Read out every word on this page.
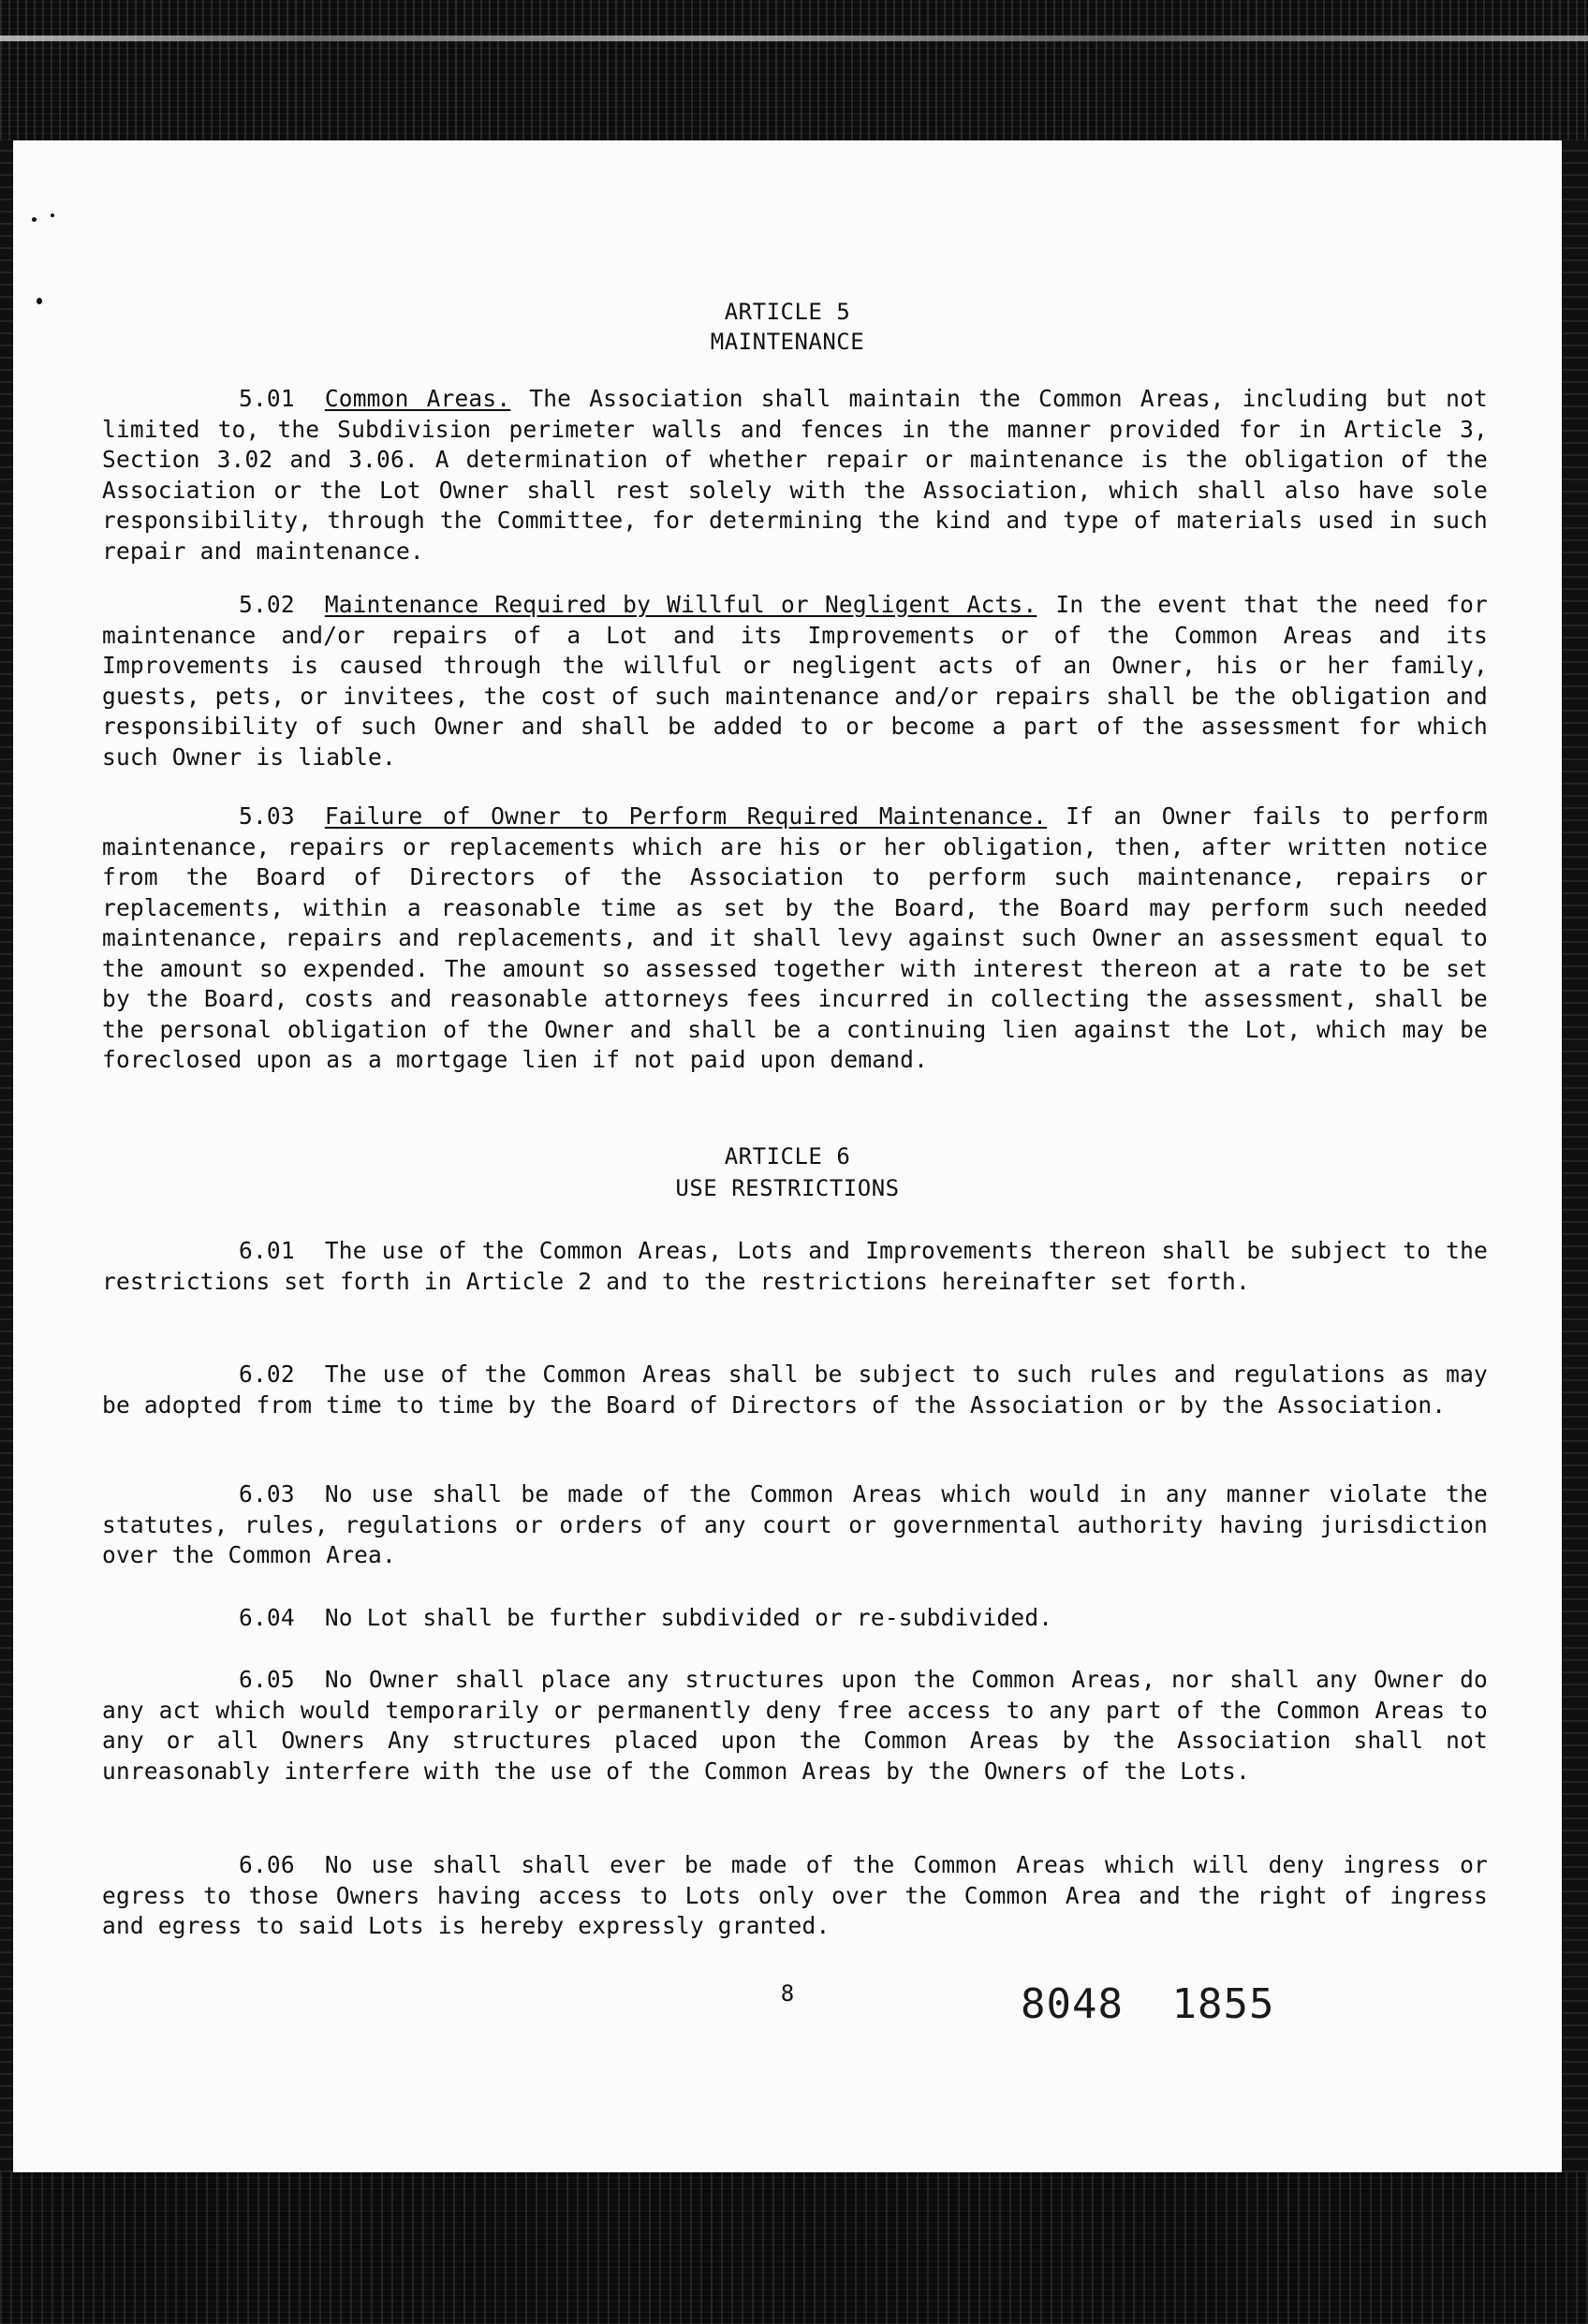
ARTICLE 5
MAINTENANCE
5.01 Common Areas. The Association shall maintain the Common Areas, including but not limited to, the Subdivision perimeter walls and fences in the manner provided for in Article 3, Section 3.02 and 3.06. A determination of whether repair or maintenance is the obligation of the Association or the Lot Owner shall rest solely with the Association, which shall also have sole responsibility, through the Committee, for determining the kind and type of materials used in such repair and maintenance.
5.02 Maintenance Required by Willful or Negligent Acts. In the event that the need for maintenance and/or repairs of a Lot and its Improvements or of the Common Areas and its Improvements is caused through the willful or negligent acts of an Owner, his or her family, guests, pets, or invitees, the cost of such maintenance and/or repairs shall be the obligation and responsibility of such Owner and shall be added to or become a part of the assessment for which such Owner is liable.
5.03 Failure of Owner to Perform Required Maintenance. If an Owner fails to perform maintenance, repairs or replacements which are his or her obligation, then, after written notice from the Board of Directors of the Association to perform such maintenance, repairs or replacements, within a reasonable time as set by the Board, the Board may perform such needed maintenance, repairs and replacements, and it shall levy against such Owner an assessment equal to the amount so expended. The amount so assessed together with interest thereon at a rate to be set by the Board, costs and reasonable attorneys fees incurred in collecting the assessment, shall be the personal obligation of the Owner and shall be a continuing lien against the Lot, which may be foreclosed upon as a mortgage lien if not paid upon demand.
ARTICLE 6
USE RESTRICTIONS
6.01 The use of the Common Areas, Lots and Improvements thereon shall be subject to the restrictions set forth in Article 2 and to the restrictions hereinafter set forth.
6.02 The use of the Common Areas shall be subject to such rules and regulations as may be adopted from time to time by the Board of Directors of the Association or by the Association.
6.03 No use shall be made of the Common Areas which would in any manner violate the statutes, rules, regulations or orders of any court or governmental authority having jurisdiction over the Common Area.
6.04 No Lot shall be further subdivided or re-subdivided.
6.05 No Owner shall place any structures upon the Common Areas, nor shall any Owner do any act which would temporarily or permanently deny free access to any part of the Common Areas to any or all Owners Any structures placed upon the Common Areas by the Association shall not unreasonably interfere with the use of the Common Areas by the Owners of the Lots.
6.06 No use shall shall ever be made of the Common Areas which will deny ingress or egress to those Owners having access to Lots only over the Common Area and the right of ingress and egress to said Lots is hereby expressly granted.
8	8048 1855
